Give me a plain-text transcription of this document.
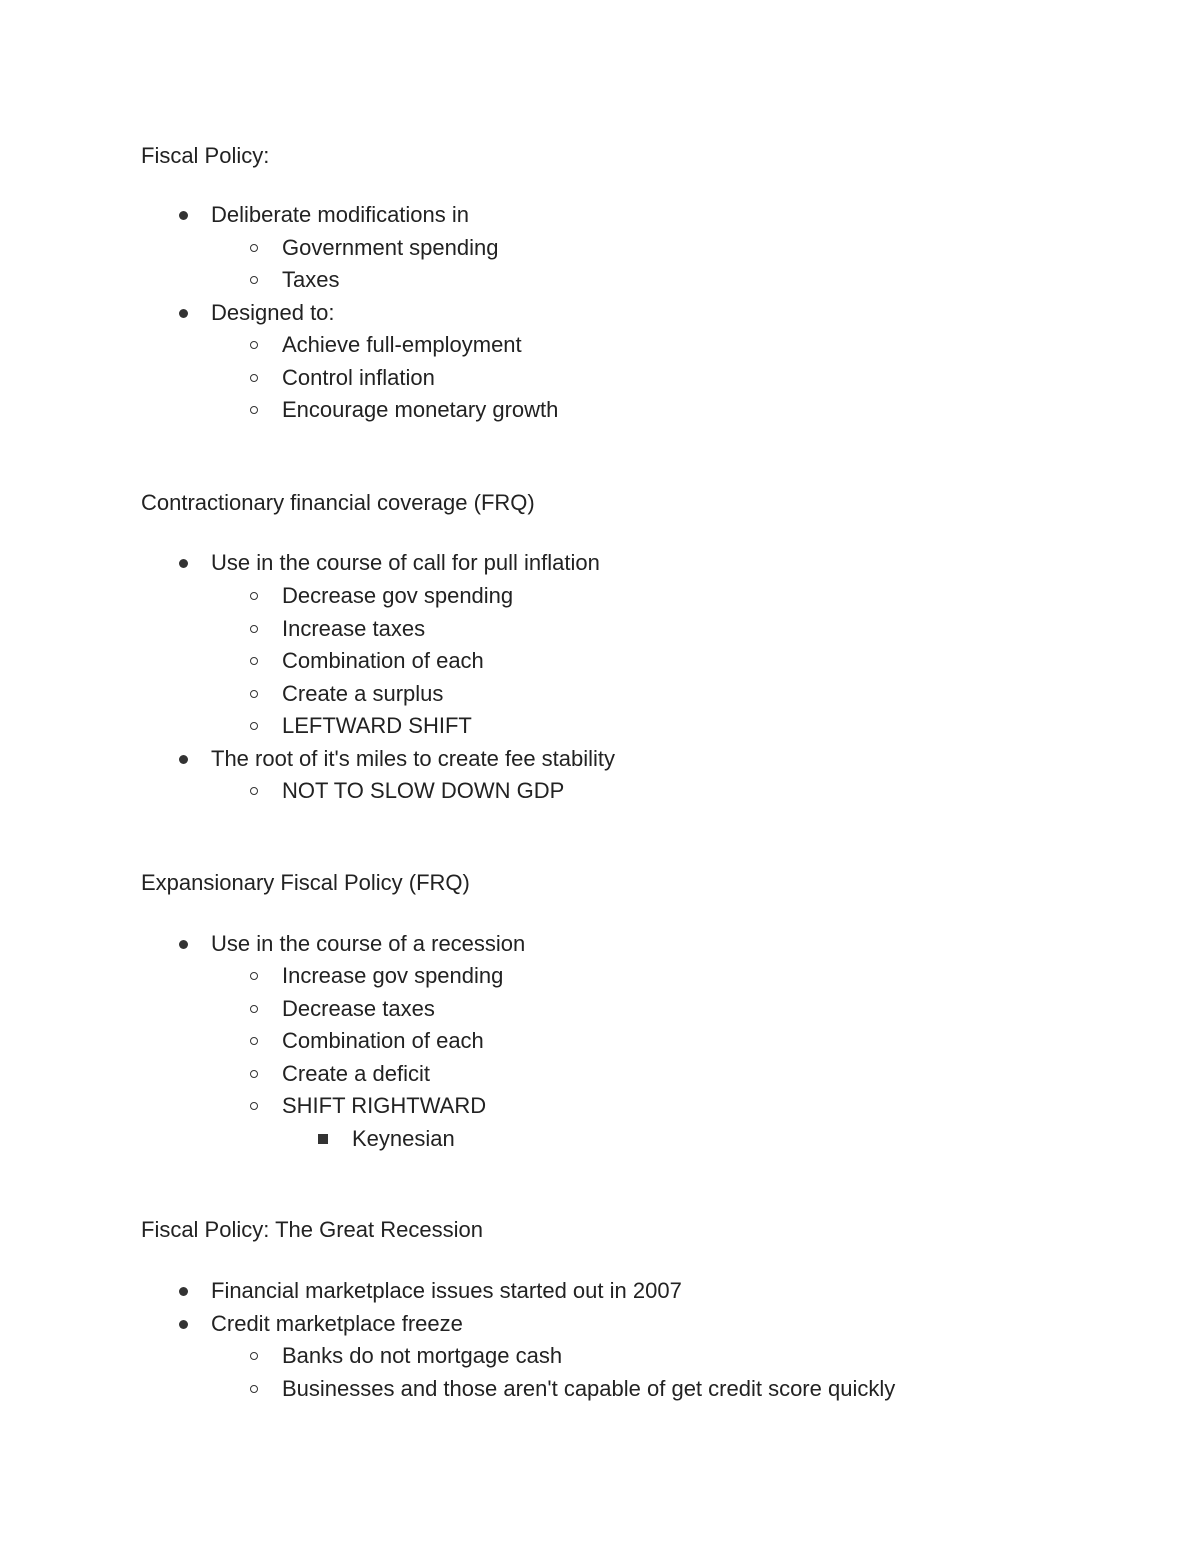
Fiscal Policy:
Deliberate modifications in
Government spending
Taxes
Designed to:
Achieve full-employment
Control inflation
Encourage monetary growth
Contractionary financial coverage (FRQ)
Use in the course of call for pull inflation
Decrease gov spending
Increase taxes
Combination of each
Create a surplus
LEFTWARD SHIFT
The root of it's miles to create fee stability
NOT TO SLOW DOWN GDP
Expansionary Fiscal Policy (FRQ)
Use in the course of a recession
Increase gov spending
Decrease taxes
Combination of each
Create a deficit
SHIFT RIGHTWARD
Keynesian
Fiscal Policy: The Great Recession
Financial marketplace issues started out in 2007
Credit marketplace freeze
Banks do not mortgage cash
Businesses and those aren't capable of get credit score quickly
